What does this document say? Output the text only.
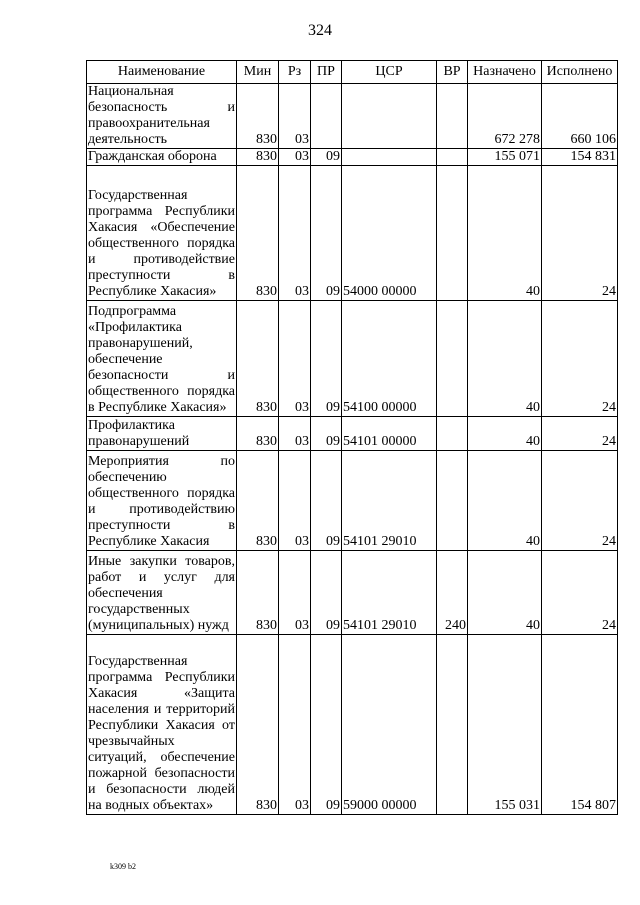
324
Наименование	Мин	Рз	ПР	ЦСР	ВР	Назначено	Исполнено
Национальная безопасность и правоохранительная деятельность	830	03				672 278	660 106
Гражданская оборона	830	03	09			155 071	154 831
Государственная программа Республики Хакасия «Обеспечение общественного порядка и противодействие преступности в Республике Хакасия»	830	03	09	54000 00000		40	24
Подпрограмма «Профилактика правонарушений, обеспечение безопасности и общественного порядка в Республике Хакасия»	830	03	09	54100 00000		40	24
Профилактика правонарушений	830	03	09	54101 00000		40	24
Мероприятия по обеспечению общественного порядка и противодействию преступности в Республике Хакасия	830	03	09	54101 29010		40	24
Иные закупки товаров, работ и услуг для обеспечения государственных (муниципальных) нужд	830	03	09	54101 29010	240	40	24
Государственная программа Республики Хакасия «Защита населения и территорий Республики Хакасия от чрезвычайных ситуаций, обеспечение пожарной безопасности и безопасности людей на водных объектах»	830	03	09	59000 00000		155 031	154 807
k309 b2
